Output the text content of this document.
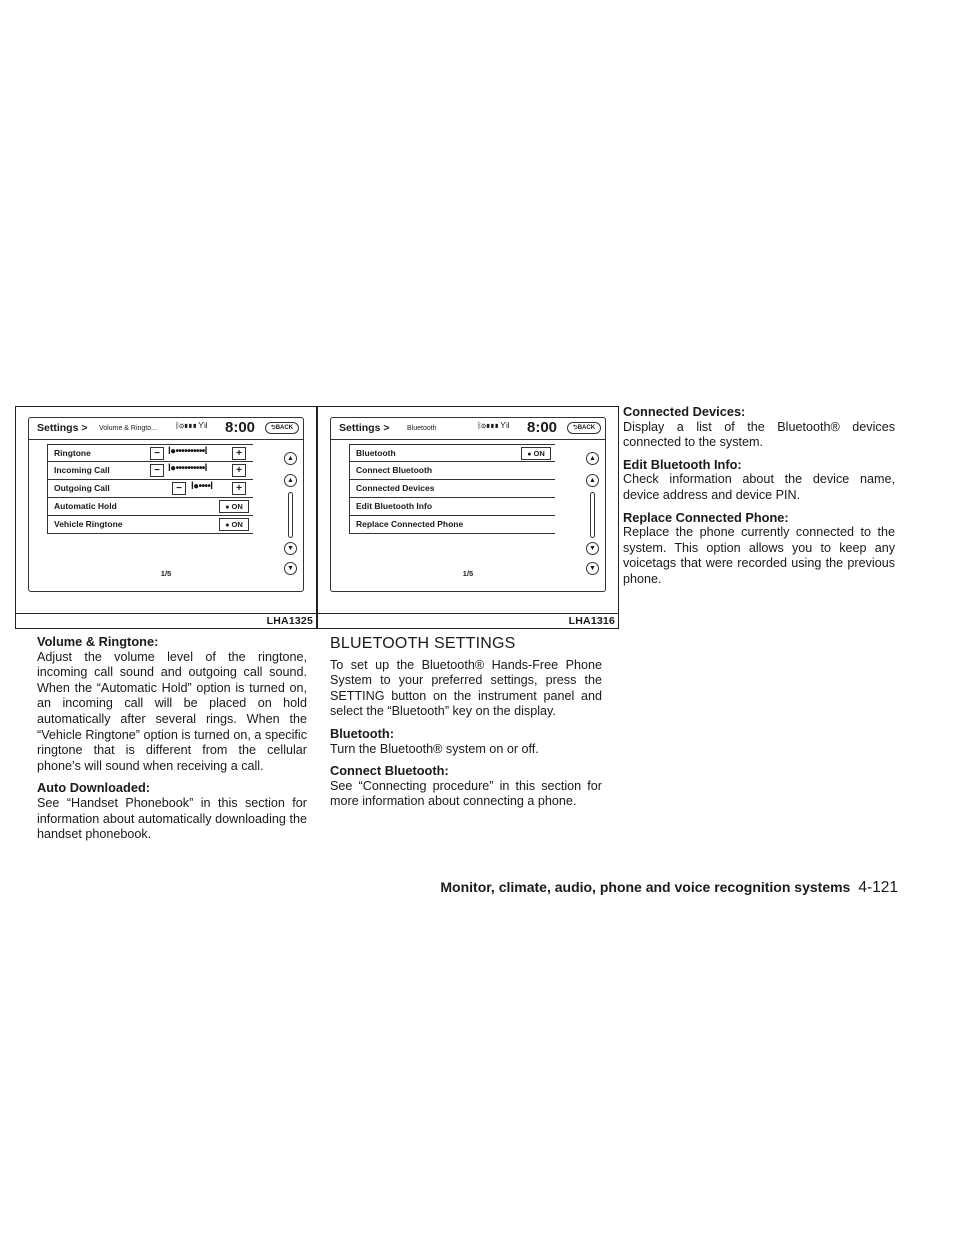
Settings > Volume & Ringto... ᛒ⚙▮▮▮ Ƴıl 8:00	⮌BACK
Ringtone	− l●••••••••••l	+
Incoming Call	− l●••••••••••l	+
Outgoing Call	− l●••••l	+
Automatic Hold	● ON
Vehicle Ringtone	● ON
▲
▲
▼
▼
1/5
LHA1325
Settings >	Bluetooth	ᛒ⚙▮▮▮ Ƴıl 8:00	⮌BACK
Bluetooth	● ON
Connect Bluetooth
Connected Devices
Edit Bluetooth Info
Replace Connected Phone
▲
▲
▼
▼
1/5
LHA1316
Volume & Ringtone:

Adjust the volume level of the ringtone, incoming call sound and outgoing call sound. When the “Automatic Hold” option is turned on, an incoming call will be placed on hold automatically after several rings. When the “Vehicle Ringtone” option is turned on, a specific ringtone that is different from the cellular phone’s will sound when receiving a call.

Auto Downloaded:

See “Handset Phonebook” in this section for information about automatically downloading the handset phonebook.

BLUETOOTH SETTINGS

To set up the Bluetooth® Hands-Free Phone System to your preferred settings, press the SETTING button on the instrument panel and select the “Bluetooth” key on the display.

Bluetooth:

Turn the Bluetooth® system on or off.

Connect Bluetooth:

See “Connecting procedure” in this section for more information about connecting a phone.

Connected Devices:

Display a list of the Bluetooth® devices connected to the system.

Edit Bluetooth Info:

Check information about the device name, device address and device PIN.

Replace Connected Phone:

Replace the phone currently connected to the system. This option allows you to keep any voicetags that were recorded using the previous phone.

Monitor, climate, audio, phone and voice recognition systems 4-121
